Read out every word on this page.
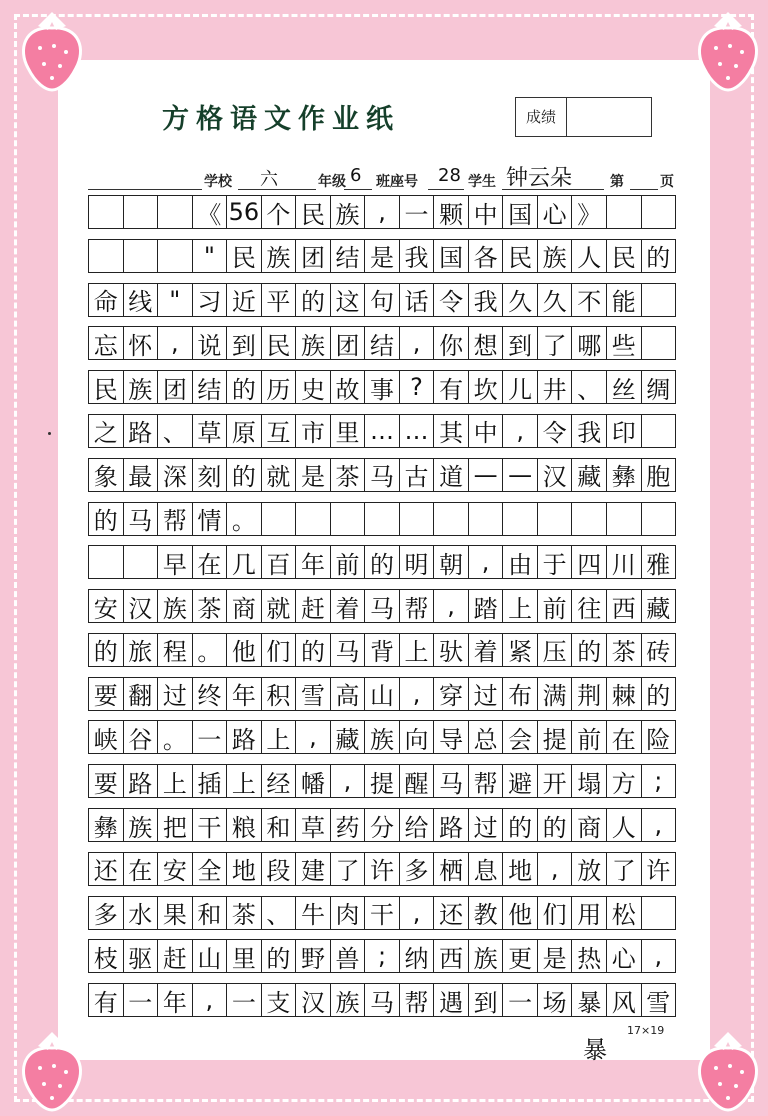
方格语文作业纸	成绩
学校 六	年级 6 班座号 28 学生 钟云朵	第	页
《 56 个 民 族 , 一 颗 中 国 心 》
" 民 族 团 结 是 我 国 各 民 族 人 民 的
命 线 " 习 近 平 的 这 句 话 令 我 久 久 不 能
忘 怀 , 说 到 民 族 团 结 , 你 想 到 了 哪 些
民 族 团 结 的 历 史 故 事 ? 有 坎 儿 井 、 丝 绸
之 路 、 草 原 互 市 里 … … 其 中 , 令 我 印
象 最 深 刻 的 就 是 茶 马 古 道 — — 汉 藏 彝 胞
的 马 帮 情 。
早 在 几 百 年 前 的 明 朝 , 由 于 四 川 雅
安 汉 族 茶 商 就 赶 着 马 帮 , 踏 上 前 往 西 藏
的 旅 程 。 他 们 的 马 背 上 驮 着 紧 压 的 茶 砖
要 翻 过 终 年 积 雪 高 山 , 穿 过 布 满 荆 棘 的
峡 谷 。 一 路 上 , 藏 族 向 导 总 会 提 前 在 险
要 路 上 插 上 经 幡 , 提 醒 马 帮 避 开 塌 方 ;
彝 族 把 干 粮 和 草 药 分 给 路 过 的 的 商 人 ,
还 在 安 全 地 段 建 了 许 多 栖 息 地 , 放 了 许
多 水 果 和 茶 、 牛 肉 干 , 还 教 他 们 用 松
枝 驱 赶 山 里 的 野 兽 ; 纳 西 族 更 是 热 心 ,
有 一 年 , 一 支 汉 族 马 帮 遇 到 一 场 暴 风 雪
17×19
暴
